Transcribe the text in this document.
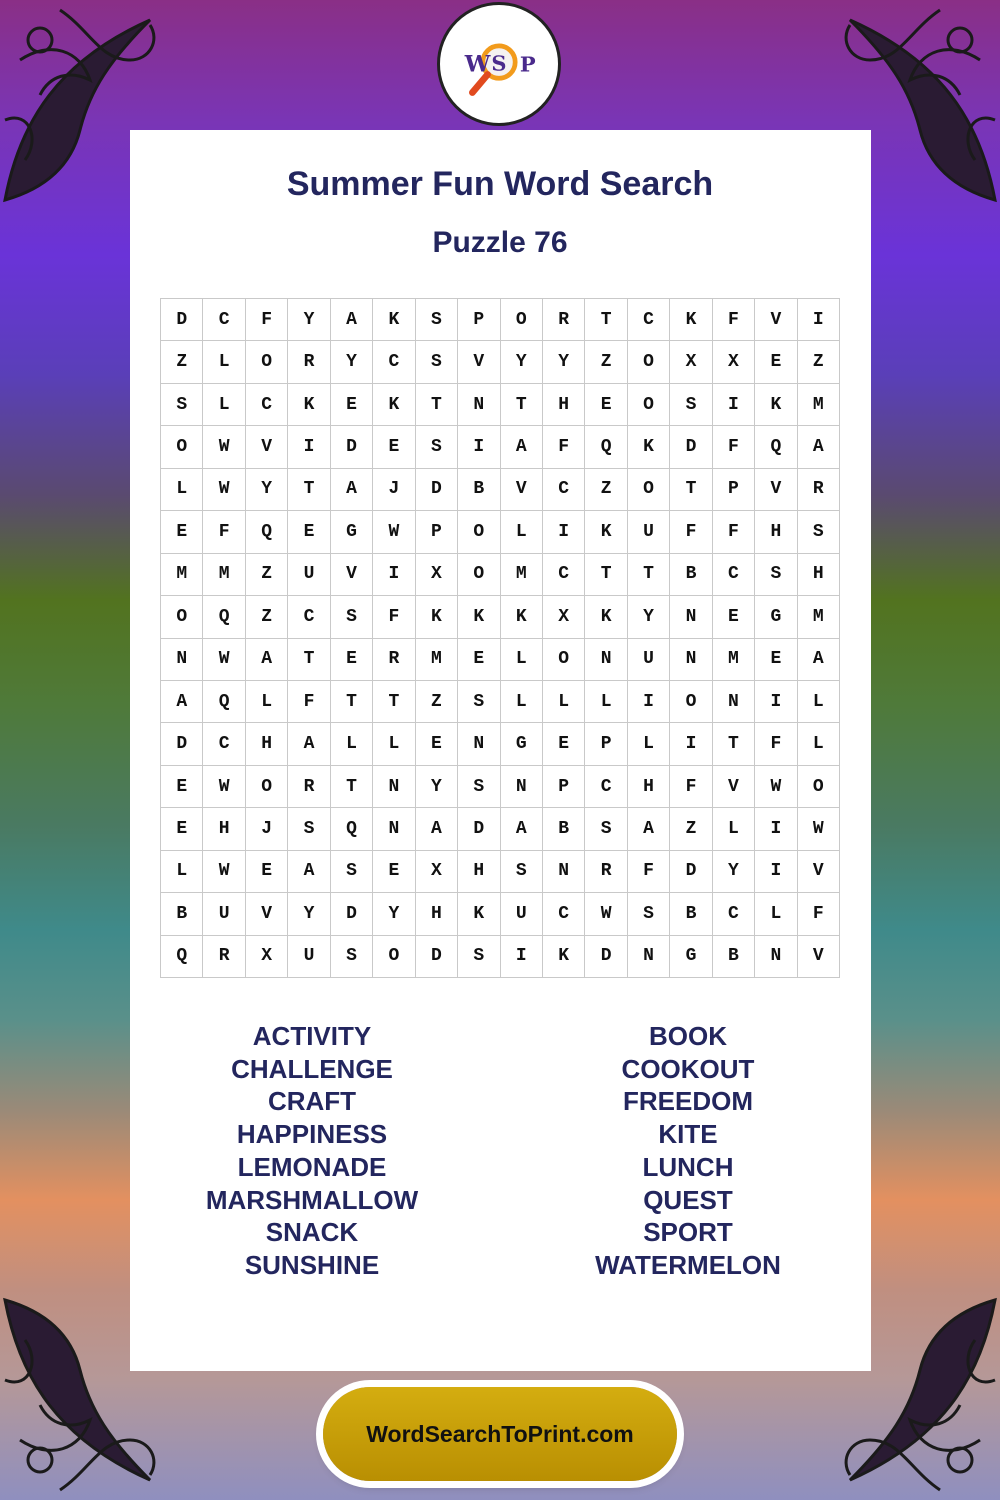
W S P
Summer Fun Word Search
Puzzle 76
D	C	F	Y	A	K	S	P	O	R	T	C	K	F	V	I
Z	L	O	R	Y	C	S	V	Y	Y	Z	O	X	X	E	Z
S	L	C	K	E	K	T	N	T	H	E	O	S	I	K	M
O	W	V	I	D	E	S	I	A	F	Q	K	D	F	Q	A
L	W	Y	T	A	J	D	B	V	C	Z	O	T	P	V	R
E	F	Q	E	G	W	P	O	L	I	K	U	F	F	H	S
M	M	Z	U	V	I	X	O	M	C	T	T	B	C	S	H
O	Q	Z	C	S	F	K	K	K	X	K	Y	N	E	G	M
N	W	A	T	E	R	M	E	L	O	N	U	N	M	E	A
A	Q	L	F	T	T	Z	S	L	L	L	I	O	N	I	L
D	C	H	A	L	L	E	N	G	E	P	L	I	T	F	L
E	W	O	R	T	N	Y	S	N	P	C	H	F	V	W	O
E	H	J	S	Q	N	A	D	A	B	S	A	Z	L	I	W
L	W	E	A	S	E	X	H	S	N	R	F	D	Y	I	V
B	U	V	Y	D	Y	H	K	U	C	W	S	B	C	L	F
Q	R	X	U	S	O	D	S	I	K	D	N	G	B	N	V
ACTIVITY
CHALLENGE
CRAFT
HAPPINESS
LEMONADE
MARSHMALLOW
SNACK
SUNSHINE
BOOK
COOKOUT
FREEDOM
KITE
LUNCH
QUEST
SPORT
WATERMELON
WordSearchToPrint.com
